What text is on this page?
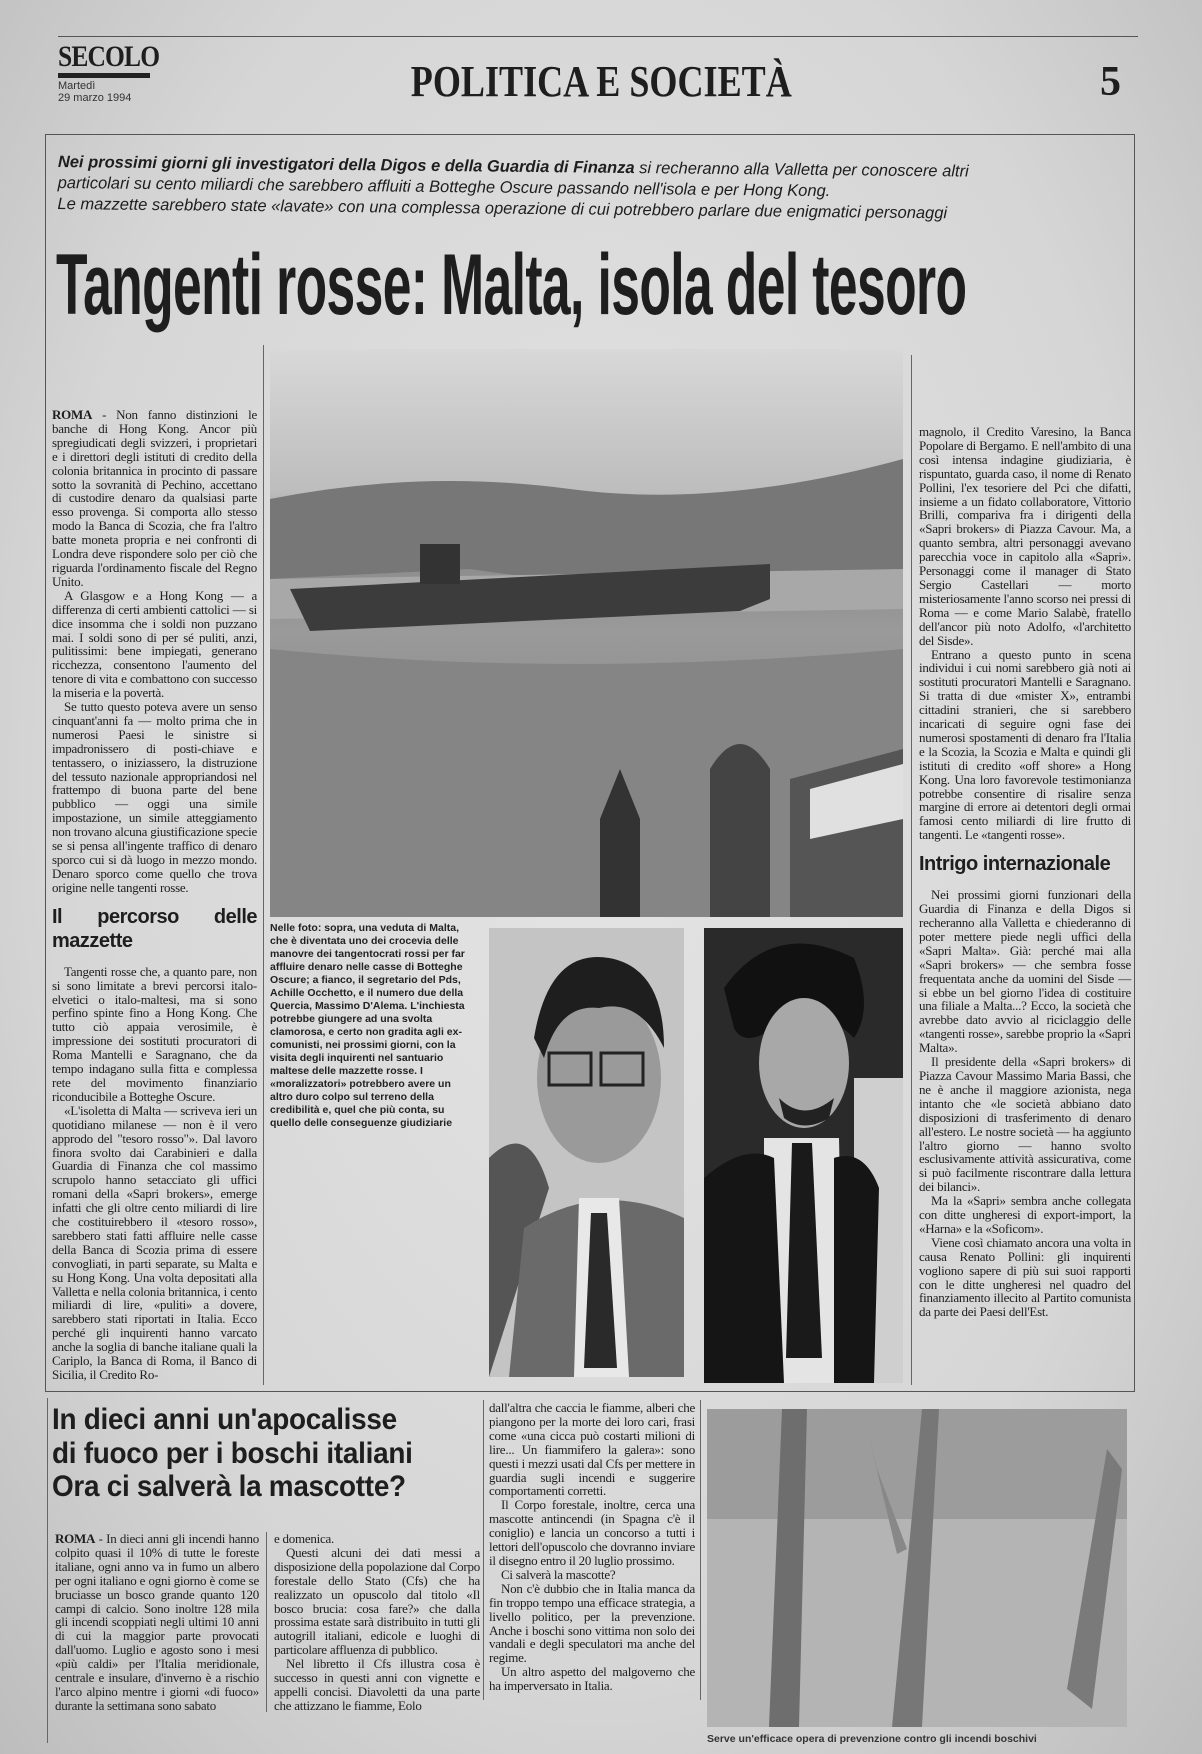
SECOLO
Martedì
29 marzo 1994	POLITICA E SOCIETÀ	5
Nei prossimi giorni gli investigatori della Digos e della Guardia di Finanza si recheranno alla Valletta per conoscere altri
particolari su cento miliardi che sarebbero affluiti a Botteghe Oscure passando nell'isola e per Hong Kong.
Le mazzette sarebbero state «lavate» con una complessa operazione di cui potrebbero parlare due enigmatici personaggi
Tangenti rosse: Malta, isola del tesoro

ROMA - Non fanno distinzioni le banche di Hong Kong. Ancor più spregiudicati degli svizzeri, i proprietari e i direttori degli istituti di credito della colonia britannica in procinto di passare sotto la sovranità di Pechino, accettano di custodire denaro da qualsiasi parte esso provenga. Si comporta allo stesso modo la Banca di Scozia, che fra l'altro batte moneta propria e nei confronti di Londra deve rispondere solo per ciò che riguarda l'ordinamento fiscale del Regno Unito.

A Glasgow e a Hong Kong — a differenza di certi ambienti cattolici — si dice insomma che i soldi non puzzano mai. I soldi sono di per sé puliti, anzi, pulitissimi: bene impiegati, generano ricchezza, consentono l'aumento del tenore di vita e combattono con successo la miseria e la povertà.

Se tutto questo poteva avere un senso cinquant'anni fa — molto prima che in numerosi Paesi le sinistre si impadronissero di posti-chiave e tentassero, o iniziassero, la distruzione del tessuto nazionale appropriandosi nel frattempo di buona parte del bene pubblico — oggi una simile impostazione, un simile atteggiamento non trovano alcuna giustificazione specie se si pensa all'ingente traffico di denaro sporco cui si dà luogo in mezzo mondo. Denaro sporco come quello che trova origine nelle tangenti rosse.

Il percorso delle mazzette

Tangenti rosse che, a quanto pare, non si sono limitate a brevi percorsi italo-elvetici o italo-maltesi, ma si sono perfino spinte fino a Hong Kong. Che tutto ciò appaia verosimile, è impressione dei sostituti procuratori di Roma Mantelli e Saragnano, che da tempo indagano sulla fitta e complessa rete del movimento finanziario riconducibile a Botteghe Oscure.

«L'isoletta di Malta — scriveva ieri un quotidiano milanese — non è il vero approdo del "tesoro rosso"». Dal lavoro finora svolto dai Carabinieri e dalla Guardia di Finanza che col massimo scrupolo hanno setacciato gli uffici romani della «Sapri brokers», emerge infatti che gli oltre cento miliardi di lire che costituirebbero il «tesoro rosso», sarebbero stati fatti affluire nelle casse della Banca di Scozia prima di essere convogliati, in parti separate, su Malta e su Hong Kong. Una volta depositati alla Valletta e nella colonia britannica, i cento miliardi di lire, «puliti» a dovere, sarebbero stati riportati in Italia. Ecco perché gli inquirenti hanno varcato anche la soglia di banche italiane quali la Cariplo, la Banca di Roma, il Banco di Sicilia, il Credito Ro-

Nelle foto: sopra, una veduta di Malta, che è diventata uno dei crocevia delle manovre dei tangentocrati rossi per far affluire denaro nelle casse di Botteghe Oscure; a fianco, il segretario del Pds, Achille Occhetto, e il numero due della Quercia, Massimo D'Alema. L'inchiesta potrebbe giungere ad una svolta clamorosa, e certo non gradita agli ex-comunisti, nei prossimi giorni, con la visita degli inquirenti nel santuario maltese delle mazzette rosse. I «moralizzatori» potrebbero avere un altro duro colpo sul terreno della credibilità e, quel che più conta, su quello delle conseguenze giudiziarie

magnolo, il Credito Varesino, la Banca Popolare di Bergamo. E nell'ambito di una così intensa indagine giudiziaria, è rispuntato, guarda caso, il nome di Renato Pollini, l'ex tesoriere del Pci che difatti, insieme a un fidato collaboratore, Vittorio Brilli, compariva fra i dirigenti della «Sapri brokers» di Piazza Cavour. Ma, a quanto sembra, altri personaggi avevano parecchia voce in capitolo alla «Sapri». Personaggi come il manager di Stato Sergio Castellari — morto misteriosamente l'anno scorso nei pressi di Roma — e come Mario Salabè, fratello dell'ancor più noto Adolfo, «l'architetto del Sisde».

Entrano a questo punto in scena individui i cui nomi sarebbero già noti ai sostituti procuratori Mantelli e Saragnano. Si tratta di due «mister X», entrambi cittadini stranieri, che si sarebbero incaricati di seguire ogni fase dei numerosi spostamenti di denaro fra l'Italia e la Scozia, la Scozia e Malta e quindi gli istituti di credito «off shore» a Hong Kong. Una loro favorevole testimonianza potrebbe consentire di risalire senza margine di errore ai detentori degli ormai famosi cento miliardi di lire frutto di tangenti. Le «tangenti rosse».

Intrigo internazionale

Nei prossimi giorni funzionari della Guardia di Finanza e della Digos si recheranno alla Valletta e chiederanno di poter mettere piede negli uffici della «Sapri Malta». Già: perché mai alla «Sapri brokers» — che sembra fosse frequentata anche da uomini del Sisde — si ebbe un bel giorno l'idea di costituire una filiale a Malta...? Ecco, la società che avrebbe dato avvio al riciclaggio delle «tangenti rosse», sarebbe proprio la «Sapri Malta».

Il presidente della «Sapri brokers» di Piazza Cavour Massimo Maria Bassi, che ne è anche il maggiore azionista, nega intanto che «le società abbiano dato disposizioni di trasferimento di denaro all'estero. Le nostre società — ha aggiunto l'altro giorno — hanno svolto esclusivamente attività assicurativa, come si può facilmente riscontrare dalla lettura dei bilanci».

Ma la «Sapri» sembra anche collegata con ditte ungheresi di export-import, la «Harna» e la «Soficom».

Viene così chiamato ancora una volta in causa Renato Pollini: gli inquirenti vogliono sapere di più sui suoi rapporti con le ditte ungheresi nel quadro del finanziamento illecito al Partito comunista da parte dei Paesi dell'Est.

In dieci anni un'apocalisse
di fuoco per i boschi italiani
Ora ci salverà la mascotte?

ROMA - In dieci anni gli incendi hanno colpito quasi il 10% di tutte le foreste italiane, ogni anno va in fumo un albero per ogni italiano e ogni giorno è come se bruciasse un bosco grande quanto 120 campi di calcio. Sono inoltre 128 mila gli incendi scoppiati negli ultimi 10 anni di cui la maggior parte provocati dall'uomo. Luglio e agosto sono i mesi «più caldi» per l'Italia meridionale, centrale e insulare, d'inverno è a rischio l'arco alpino mentre i giorni «di fuoco» durante la settimana sono sabato

e domenica.

Questi alcuni dei dati messi a disposizione della popolazione dal Corpo forestale dello Stato (Cfs) che ha realizzato un opuscolo dal titolo «Il bosco brucia: cosa fare?» che dalla prossima estate sarà distribuito in tutti gli autogrill italiani, edicole e luoghi di particolare affluenza di pubblico.

Nel libretto il Cfs illustra cosa è successo in questi anni con vignette e appelli concisi. Diavoletti da una parte che attizzano le fiamme, Eolo

dall'altra che caccia le fiamme, alberi che piangono per la morte dei loro cari, frasi come «una cicca può costarti milioni di lire... Un fiammifero la galera»: sono questi i mezzi usati dal Cfs per mettere in guardia sugli incendi e suggerire comportamenti corretti.

Il Corpo forestale, inoltre, cerca una mascotte antincendi (in Spagna c'è il coniglio) e lancia un concorso a tutti i lettori dell'opuscolo che dovranno inviare il disegno entro il 20 luglio prossimo.

Ci salverà la mascotte?

Non c'è dubbio che in Italia manca da fin troppo tempo una efficace strategia, a livello politico, per la prevenzione. Anche i boschi sono vittima non solo dei vandali e degli speculatori ma anche del regime.

Un altro aspetto del malgoverno che ha imperversato in Italia.

Serve un'efficace opera di prevenzione contro gli incendi boschivi
